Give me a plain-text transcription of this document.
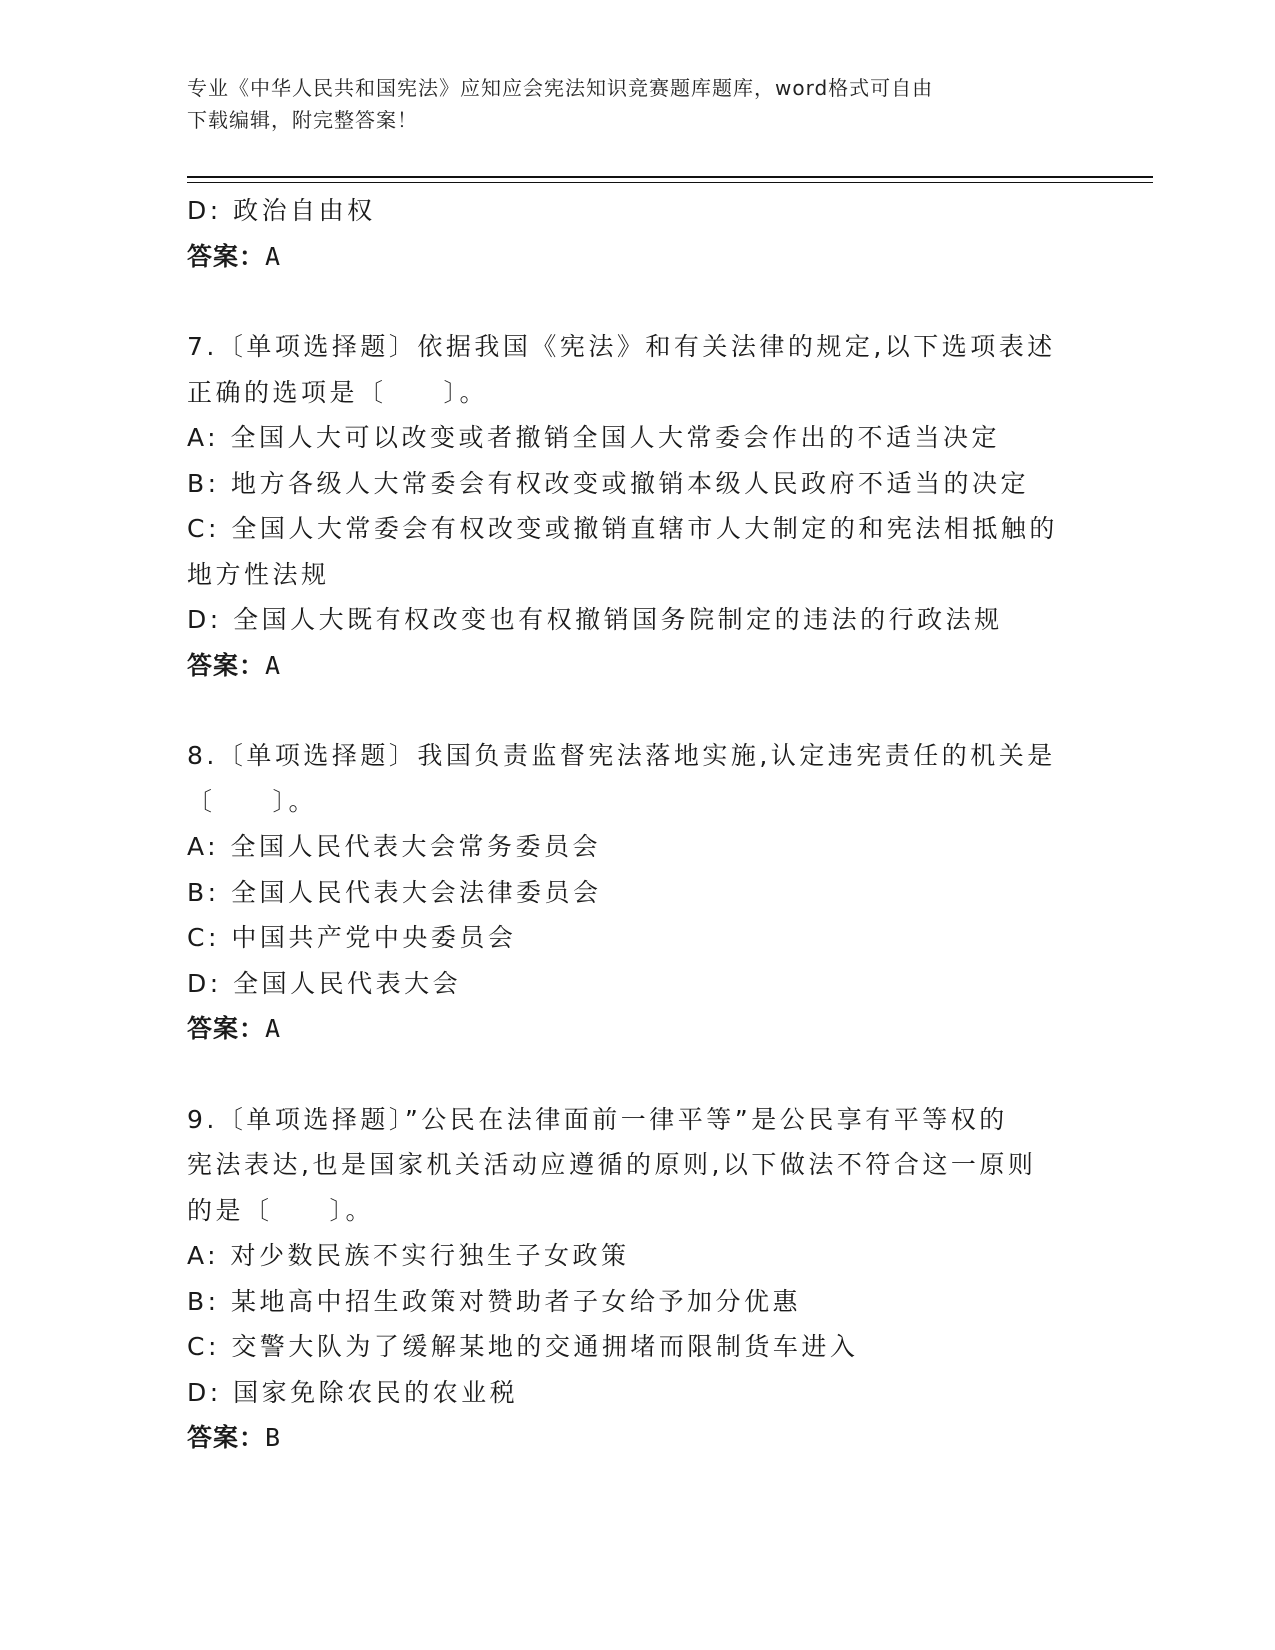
专业《中华人民共和国宪法》应知应会宪法知识竞赛题库题库，word格式可自由
下载编辑，附完整答案！
D: 政治自由权
答案：A
7.〔单项选择题〕依据我国《宪法》和有关法律的规定,以下选项表述
正确的选项是〔　　〕。
A: 全国人大可以改变或者撤销全国人大常委会作出的不适当决定
B: 地方各级人大常委会有权改变或撤销本级人民政府不适当的决定
C: 全国人大常委会有权改变或撤销直辖市人大制定的和宪法相抵触的
地方性法规
D: 全国人大既有权改变也有权撤销国务院制定的违法的行政法规
答案：A
8.〔单项选择题〕我国负责监督宪法落地实施,认定违宪责任的机关是
〔　　〕。
A: 全国人民代表大会常务委员会
B: 全国人民代表大会法律委员会
C: 中国共产党中央委员会
D: 全国人民代表大会
答案：A
9.〔单项选择题〕”公民在法律面前一律平等”是公民享有平等权的
宪法表达,也是国家机关活动应遵循的原则,以下做法不符合这一原则
的是〔　　〕。
A: 对少数民族不实行独生子女政策
B: 某地高中招生政策对赞助者子女给予加分优惠
C: 交警大队为了缓解某地的交通拥堵而限制货车进入
D: 国家免除农民的农业税
答案：B
